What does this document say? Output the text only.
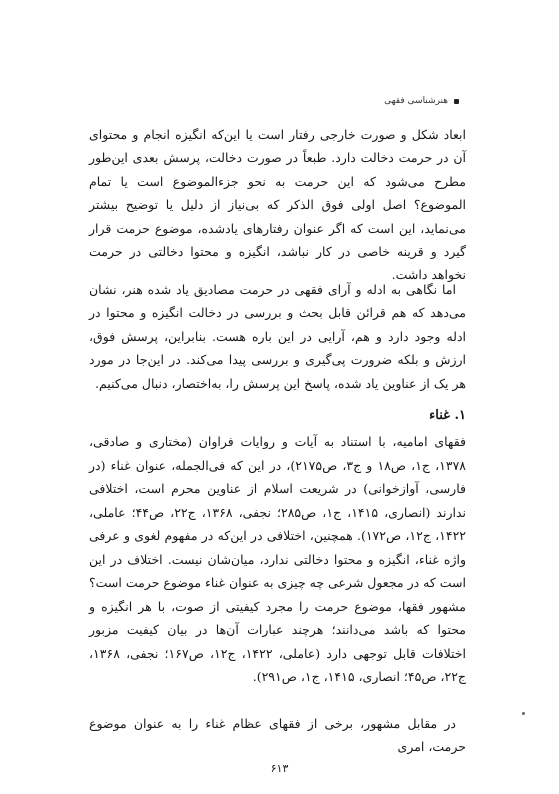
هنرشناسی فقهی

ابعاد شکل و صورت خارجی رفتار است یا این‌که انگیزه انجام و محتوای آن در حرمت دخالت دارد. طبعاً در صورت دخالت، پرسش بعدی این‌طور مطرح می‌شود که این حرمت به نحو جزء‌الموضوع است یا تمام الموضوع؟ اصل اولی فوق الذکر که بی‌نیاز از دلیل یا توضیح بیشتر می‌نماید، این است که اگر عنوان رفتارهای یادشده، موضوع حرمت قرار گیرد و قرینه خاصی در کار نباشد، انگیزه و محتوا دخالتی در حرمت نخواهد داشت.

اما نگاهی به ادله و آرای فقهی در حرمت مصادیق یاد شده هنر، نشان می‌دهد که هم قرائن قابل بحث و بررسی در دخالت انگیزه و محتوا در ادله وجود دارد و هم، آرایی در این باره هست. بنابراین، پرسش فوق، ارزش و بلکه ضرورت پی‌گیری و بررسی پیدا می‌کند. در این‌جا در مورد هر یک از عناوین یاد شده، پاسخ این پرسش را، به‌اختصار، دنبال می‌کنیم.

۱. غناء

فقهای امامیه، با استناد به آیات و روایات فراوان (مختاری و صادقی، ۱۳۷۸، ج۱، ص۱۸ و ج۳، ص۲۱۷۵)، در این که فی‌الجمله، عنوان غناء (در فارسی، آوازخوانی) در شریعت اسلام از عناوین محرم است، اختلافی ندارند (انصاری، ۱۴۱۵، ج۱، ص۲۸۵؛ نجفی، ۱۳۶۸، ج۲۲، ص۴۴؛ عاملی، ۱۴۲۲، ج۱۲، ص۱۷۲). همچنین، اختلافی در این‌که در مفهوم لغوی و عرفی واژه غناء، انگیزه و محتوا دخالتی ندارد، میان‌شان نیست. اختلاف در این است که در مجعول شرعی چه چیزی به عنوان غناء موضوع حرمت است؟ مشهور فقها، موضوع حرمت را مجرد کیفیتی از صوت، با هر انگیزه و محتوا که باشد می‌دانند؛ هرچند عبارات آن‌ها در بیان کیفیت مزبور اختلافات قابل توجهی دارد (عاملی، ۱۴۲۲، ج۱۲، ص۱۶۷؛ نجفی، ۱۳۶۸، ج۲۲، ص۴۵؛ انصاری، ۱۴۱۵، ج۱، ص۲۹۱).

در مقابل مشهور، برخی از فقهای عظام غناء را به عنوان موضوع حرمت، امری

۶۱۳
